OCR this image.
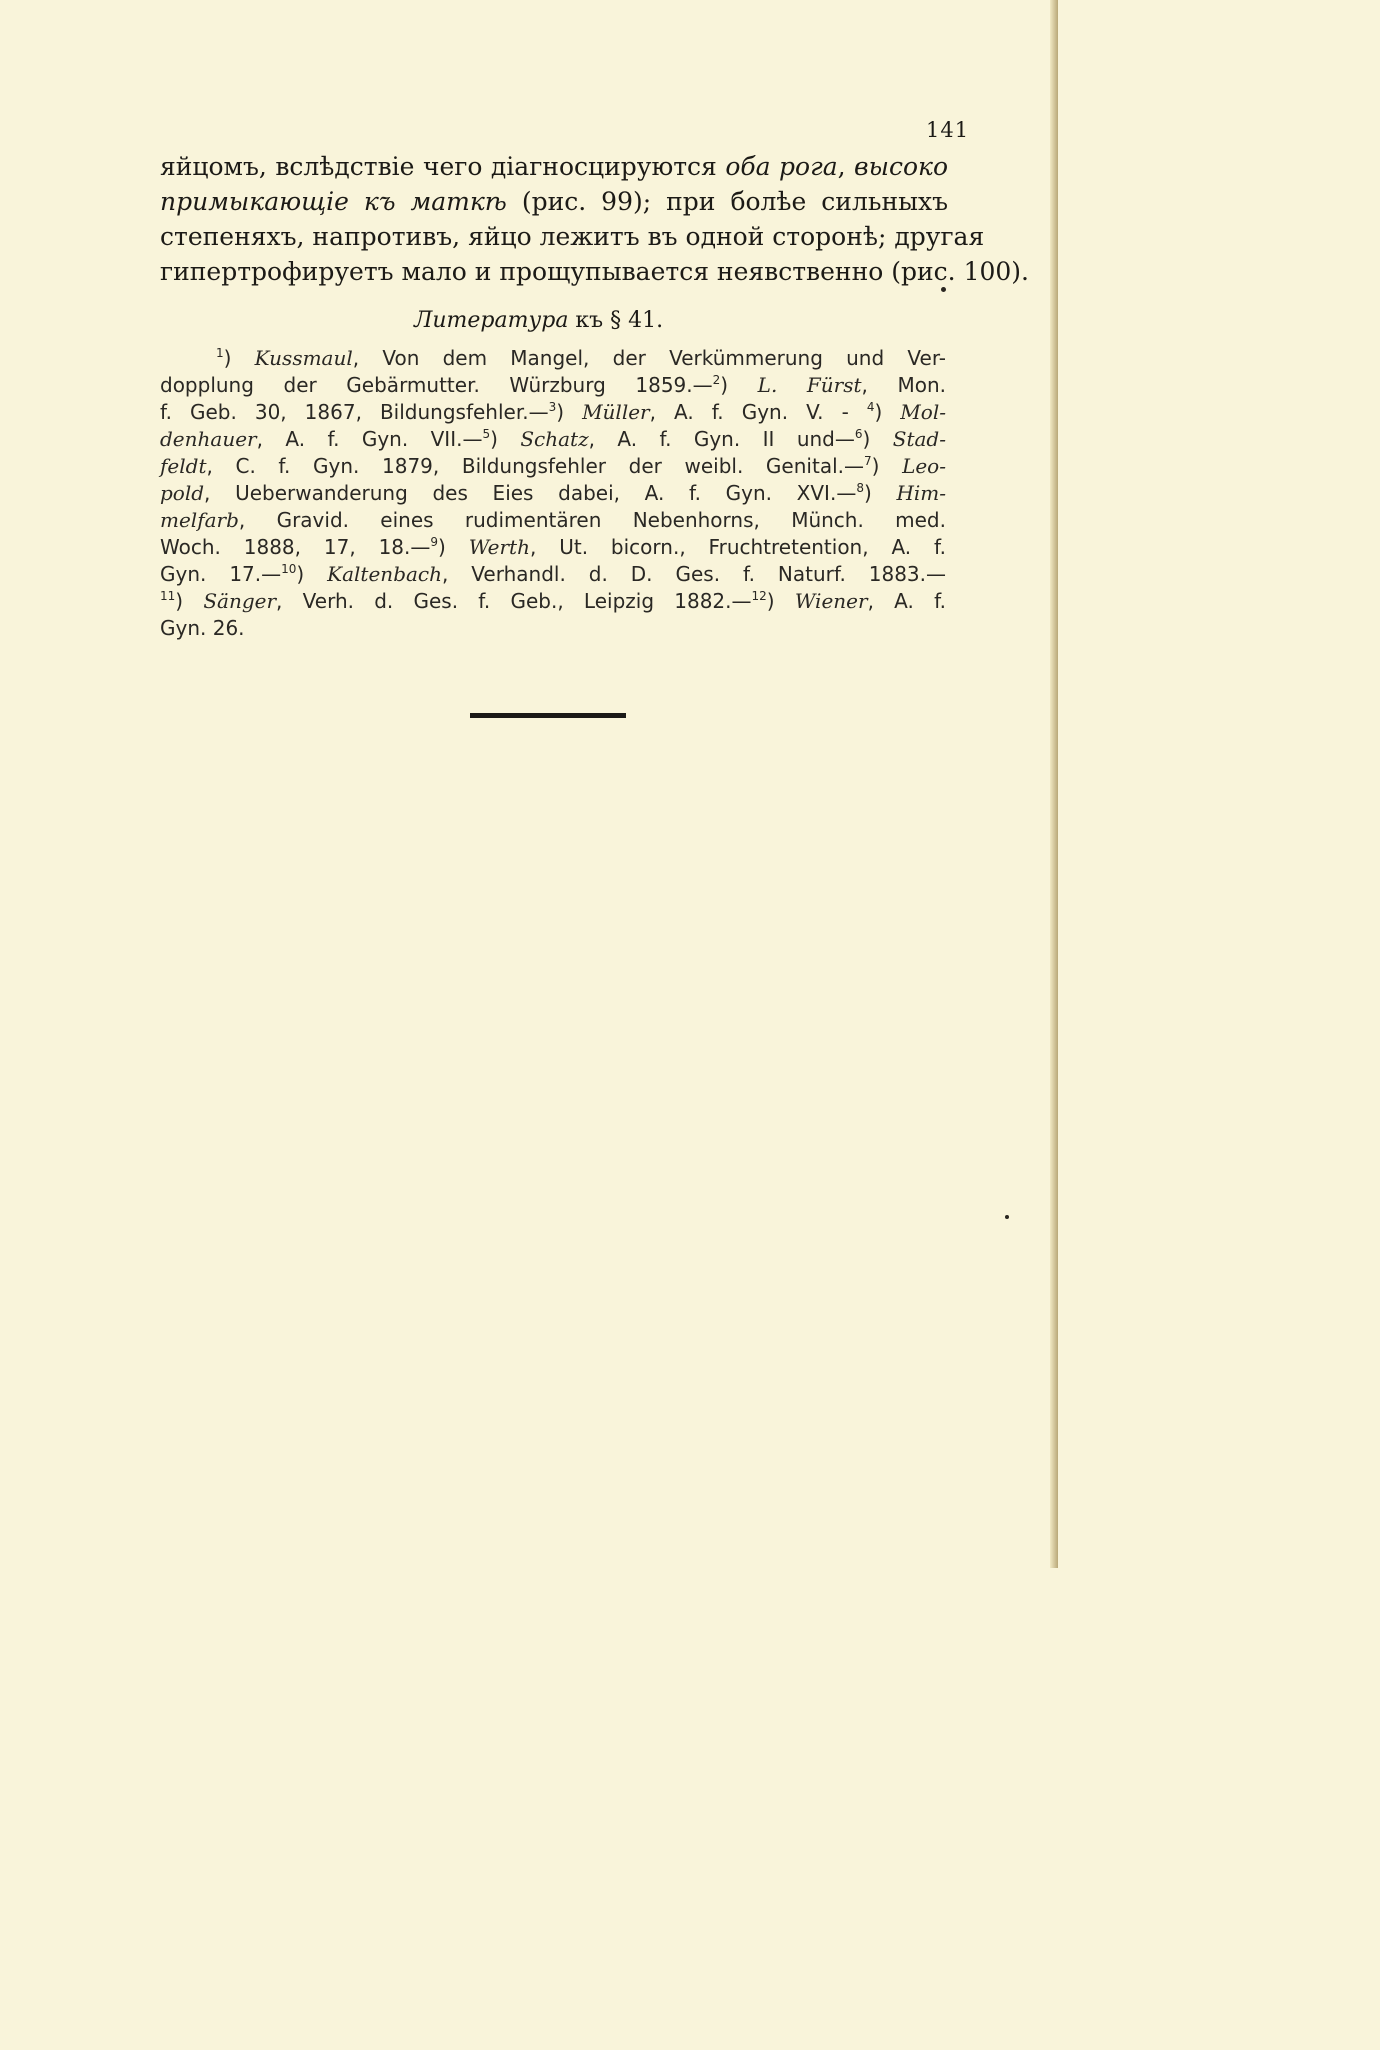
141
яйцомъ, вслѣдствіе чего діагносцируются оба рога, высоко
примыкающіе къ маткѣ (рис. 99); при болѣе сильныхъ
степеняхъ, напротивъ, яйцо лежитъ въ одной сторонѣ; другая
гипертрофируетъ мало и прощупывается неявственно (рис. 100).
Литература къ § 41.
$^1$) Kussmaul, Von dem Mangel, der Verkümmerung und Ver-
dopplung der Gebärmutter. Würzburg 1859.—$^2$) L. Fürst, Mon.
f. Geb. 30, 1867, Bildungsfehler.—$^3$) Müller, A. f. Gyn. V. - $^4$) Mol-
denhauer, A. f. Gyn. VII.—$^5$) Schatz, A. f. Gyn. II und—$^6$) Stad-
feldt, C. f. Gyn. 1879, Bildungsfehler der weibl. Genital.—$^7$) Leo-
pold, Ueberwanderung des Eies dabei, A. f. Gyn. XVI.—$^8$) Him-
melfarb, Gravid. eines rudimentären Nebenhorns, Münch. med.
Woch. 1888, 17, 18.—$^9$) Werth, Ut. bicorn., Fruchtretention, A. f.
Gyn. 17.—$^{10}$) Kaltenbach, Verhandl. d. D. Ges. f. Naturf. 1883.—
$^{11}$) Sänger, Verh. d. Ges. f. Geb., Leipzig 1882.—$^{12}$) Wiener, A. f.
Gyn. 26.
